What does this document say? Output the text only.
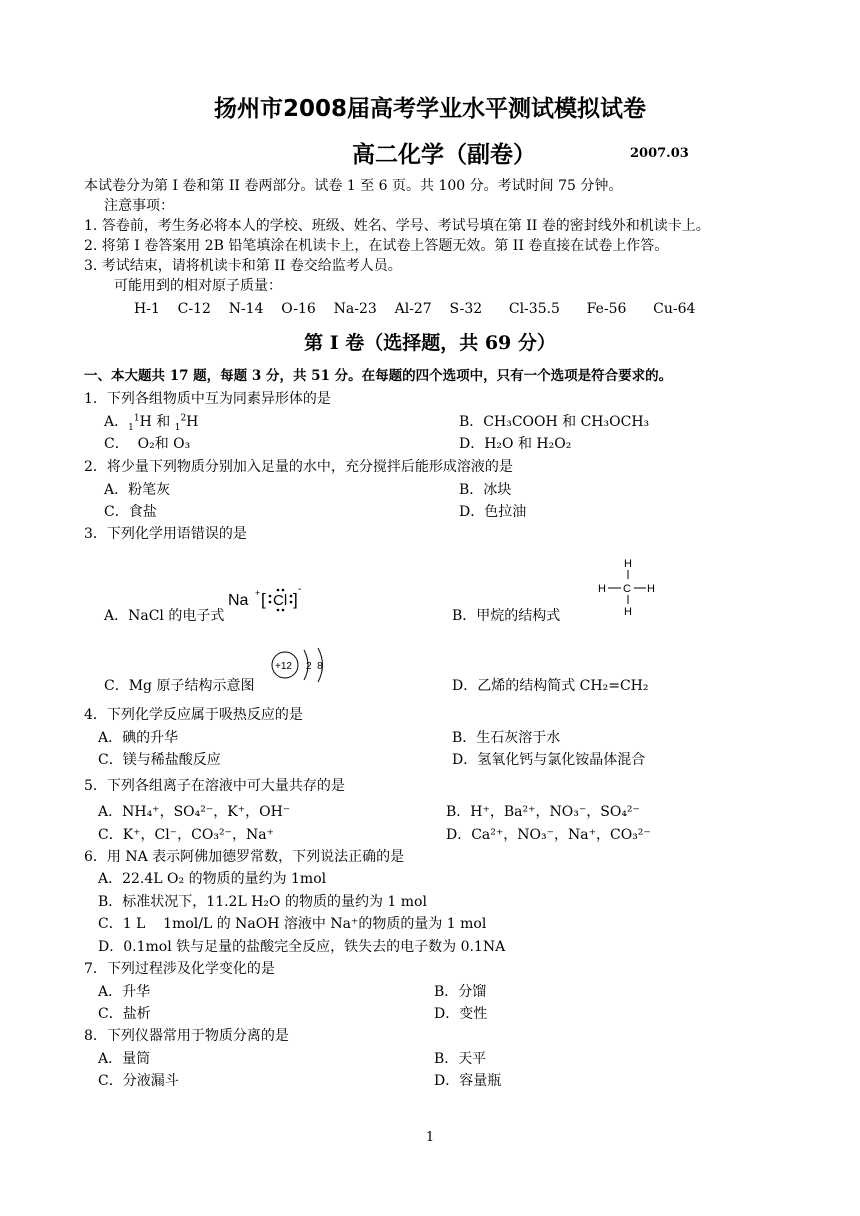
扬州市2008届高考学业水平测试模拟试卷
高二化学（副卷）	2007.03
本试卷分为第 I 卷和第 II 卷两部分。试卷 1 至 6 页。共 100 分。考试时间 75 分钟。
注意事项：
1. 答卷前，考生务必将本人的学校、班级、姓名、学号、考试号填在第 II 卷的密封线外和机读卡上。
2. 将第 I 卷答案用 2B 铅笔填涂在机读卡上，在试卷上答题无效。第 II 卷直接在试卷上作答。
3. 考试结束，请将机读卡和第 II 卷交给监考人员。
可能用到的相对原子质量：
H-1    C-12    N-14    O-16    Na-23    Al-27    S-32      Cl-35.5      Fe-56      Cu-64
第 I 卷（选择题，共 69 分）
一、本大题共 17 题，每题 3 分，共 51 分。在每题的四个选项中，只有一个选项是符合要求的。
1．下列各组物质中互为同素异形体的是
A．$_1^1$H 和 $_1^2$H	B．CH₃COOH 和 CH₃OCH₃
C．  O₂和 O₃	D．H₂O 和 H₂O₂
2．将少量下列物质分别加入足量的水中，充分搅拌后能形成溶液的是
A．粉笔灰	B．冰块
C．食盐	D．色拉油
3．下列化学用语错误的是
A．NaCl 的电子式	B．甲烷的结构式
Na + [ Cl ]
-
H
H C H
H
C．Mg 原子结构示意图	D．乙烯的结构简式 CH₂=CH₂
+12 2  8
4．下列化学反应属于吸热反应的是
A．碘的升华	B．生石灰溶于水
C．镁与稀盐酸反应	D．氢氧化钙与氯化铵晶体混合
5．下列各组离子在溶液中可大量共存的是
A．NH₄⁺，SO₄²⁻，K⁺，OH⁻	B．H⁺，Ba²⁺，NO₃⁻，SO₄²⁻
C．K⁺，Cl⁻，CO₃²⁻，Na⁺	D．Ca²⁺，NO₃⁻，Na⁺，CO₃²⁻
6．用 NA 表示阿佛加德罗常数，下列说法正确的是
A．22.4L O₂ 的物质的量约为 1mol
B．标准状况下，11.2L H₂O 的物质的量约为 1 mol
C．1 L    1mol/L 的 NaOH 溶液中 Na⁺的物质的量为 1 mol
D．0.1mol 铁与足量的盐酸完全反应，铁失去的电子数为 0.1NA
7．下列过程涉及化学变化的是
A．升华	B．分馏
C．盐析	D．变性
8．下列仪器常用于物质分离的是
A．量筒	B．天平
C．分液漏斗	D．容量瓶
1
